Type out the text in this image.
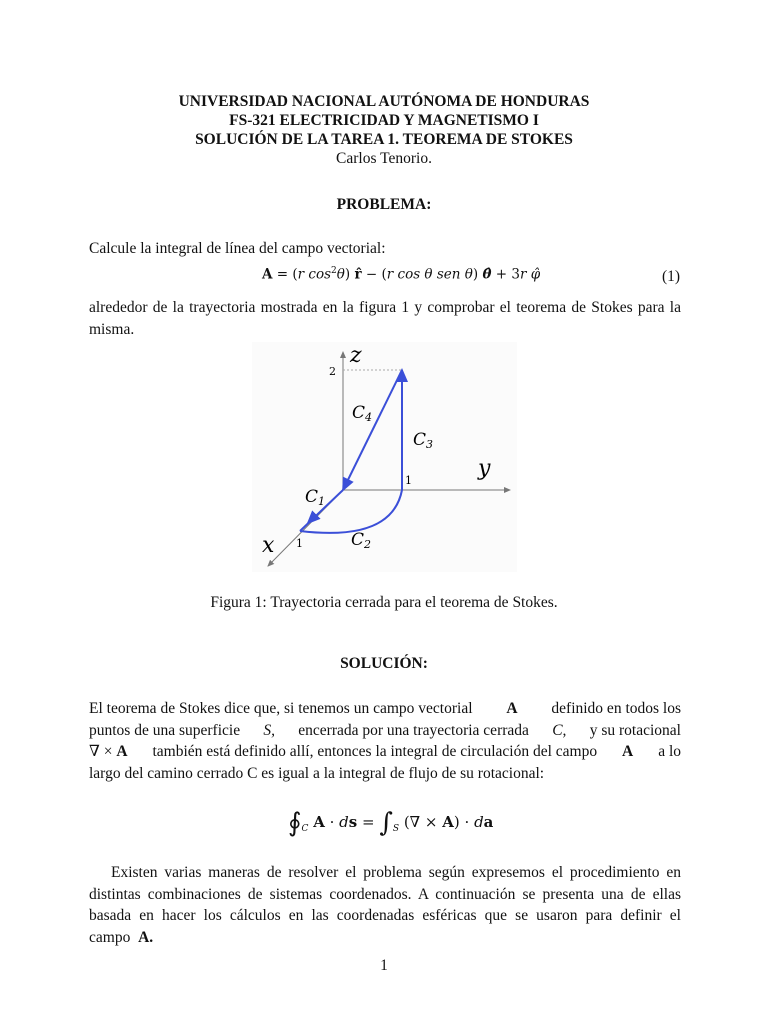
UNIVERSIDAD NACIONAL AUTÓNOMA DE HONDURAS
FS-321 ELECTRICIDAD Y MAGNETISMO I
SOLUCIÓN DE LA TAREA 1. TEOREMA DE STOKES
Carlos Tenorio.
PROBLEMA:
Calcule la integral de línea del campo vectorial:
A = (r $\cos^2\theta$) r̂ − (r cos θ sen θ) θ̂ + 3r φ̂	(1)
alrededor de la trayectoria mostrada en la figura 1 y comprobar el teorema de Stokes para la misma.
z
y
x
2
1
1
C4
C3
C1
C2
Figura 1: Trayectoria cerrada para el teorema de Stokes.
SOLUCIÓN:
El teorema de Stokes dice que, si tenemos un campo vectorial A definido en todos los
puntos de una superficie S, encerrada por una trayectoria cerrada C, y su rotacional
∇ × A también está definido allí, entonces la integral de circulación del campo A a lo
largo del camino cerrado C es igual a la integral de flujo de su rotacional:
$∮_C$ A · ds = $\int_S$ (∇ × A) · da
Existen varias maneras de resolver el problema según expresemos el procedimiento en distintas combinaciones de sistemas coordenados. A continuación se presenta una de ellas basada en hacer los cálculos en las coordenadas esféricas que se usaron para definir el campo A.
1
